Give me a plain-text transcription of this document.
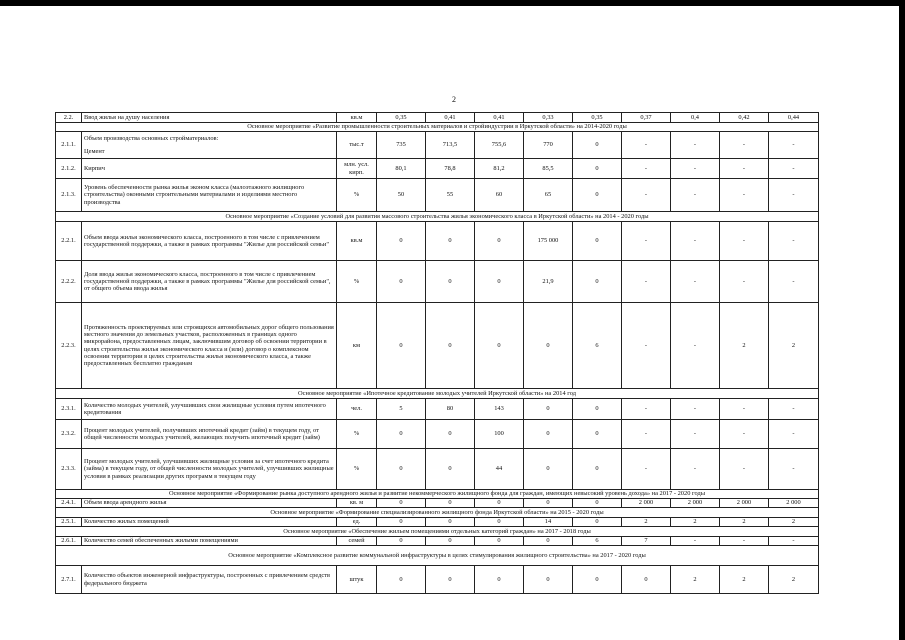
2
2.2.	Ввод жилья на душу населения	кв.м	0,35	0,41	0,41	0,33	0,35	0,37	0,4	0,42	0,44
Основное мероприятие «Развитие промышленности строительных материалов и стройиндустрии в Иркутской области» на 2014-2020 годы											
2.1.1.	Объем производства основных стройматериалов:
Цемент	тыс.т	735	713,5	755,6	770	0	-	-	-	-
2.1.2.	Кирпич	млн. усл. кирп.	80,1	78,8	81,2	85,5	0	-	-	-	-
2.1.3.	Уровень обеспеченности рынка жилья эконом класса (малоэтажного жилищного строительства) оконными строительными материалами и изделиями местного производства	%	50	55	60	65	0	-	-	-	-
Основное мероприятие «Создание условий для развития массового строительства жилья экономического класса в Иркутской области» на 2014 - 2020 годы											
2.2.1.	Объем ввода жилья экономического класса, построенного в том числе с привлечением государственной поддержки, а также в рамках программы "Жилье для российской семьи"	кв.м	0	0	0	175 000	0	-	-	-	-
2.2.2.	Доля ввода жилья экономического класса, построенного в том числе с привлечением государственной поддержки, а также в рамках программы "Жилье для российской семьи", от общего объема ввода жилья	%	0	0	0	21,9	0	-	-	-	-
2.2.3.	Протяженность проектируемых или строящихся автомобильных дорог общего пользования местного значения до земельных участков, расположенных в границах одного микрорайона, предоставленных лицам, заключившим договор об освоении территории в целях строительства жилья экономического класса и (или) договор о комплексном освоении территории в целях строительства жилья экономического класса, а также предоставленных бесплатно гражданам	км	0	0	0	0	6	-	-	2	2
Основное мероприятие «Ипотечное кредитование молодых учителей Иркутской области» на 2014 год											
2.3.1.	Количество молодых учителей, улучшивших свои жилищные условия путем ипотечного кредитования	чел.	5	80	143	0	0	-	-	-	-
2.3.2.	Процент молодых учителей, получивших ипотечный кредит (займ) в текущем году, от общей численности молодых учителей, желающих получить ипотечный кредит (займ)	%	0	0	100	0	0	-	-	-	-
2.3.3.	Процент молодых учителей, улучшивших жилищные условия за счет ипотечного кредита (займа) в текущем году, от общей численности молодых учителей, улучшивших жилищные условия в рамках реализации других программ в текущем году	%	0	0	44	0	0	-	-	-	-
Основное мероприятие «Формирование рынка доступного арендного жилья и развитие некоммерческого жилищного фонда для граждан, имеющих невысокий уровень дохода» на 2017 - 2020 годы											
2.4.1.	Объем ввода арендного жилья	кв. м	0	0	0	0	0	2 000	2 000	2 000	2 000
Основное мероприятие «Формирование специализированного жилищного фонда Иркутской области» на 2015 - 2020 годы											
2.5.1.	Количество жилых помещений	ед.	0	0	0	14	0	2	2	2	2
Основное мероприятие «Обеспечение жильем помещениями отдельных категорий граждан» на 2017 - 2018 годы											
2.6.1.	Количество семей обеспеченных жилыми помещениями	семей	0	0	0	0	6	7	-	-	-
Основное мероприятие «Комплексное развитие коммунальной инфраструктуры в целях стимулирования жилищного строительства» на 2017 - 2020 годы											
2.7.1.	Количество объектов инженерной инфраструктуры, построенных с привлечением средств федерального бюджета	штук	0	0	0	0	0	0	2	2	2
